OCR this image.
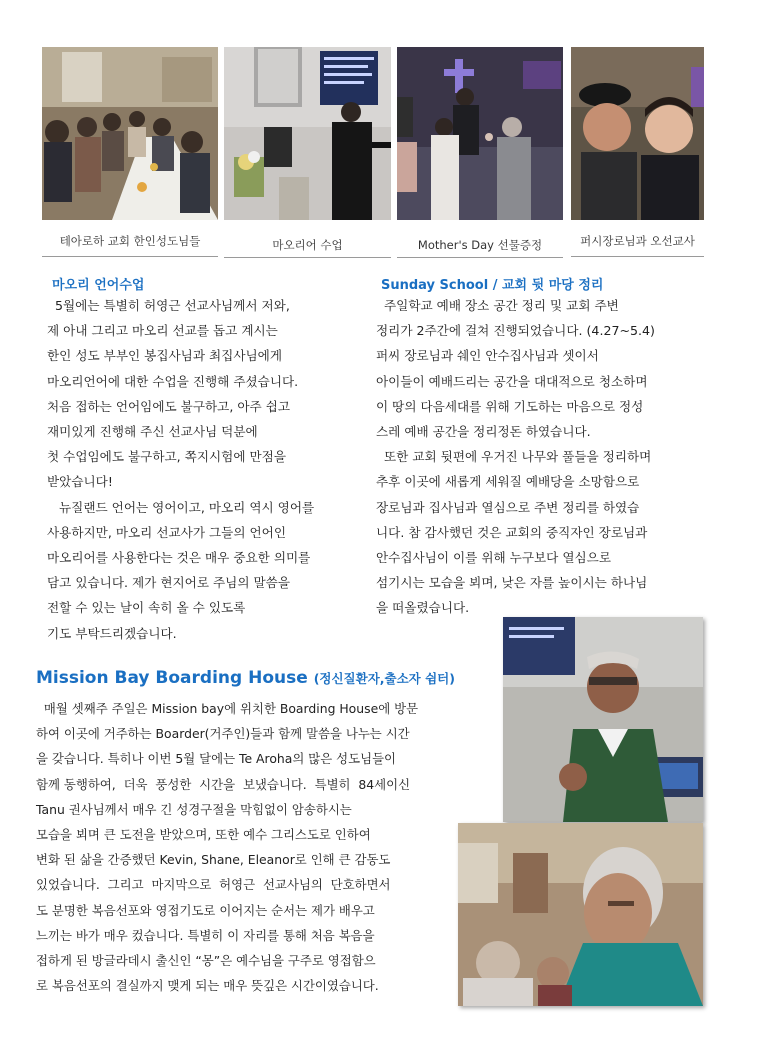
테아로하 교회 한인성도님들	마오리어 수업	Mother's Day 선물증정	퍼시장로님과 오선교사
마오리 언어수업
5월에는 특별히 허영근 선교사님께서 저와,
제 아내 그리고 마오리 선교를 돕고 계시는
한인 성도 부부인 봉집사님과 최집사님에게
마오리언어에 대한 수업을 진행해 주셨습니다.
처음 접하는 언어임에도 불구하고, 아주 쉽고
재미있게 진행해 주신 선교사님 덕분에
첫 수업임에도 불구하고, 쪽지시험에 만점을
받았습니다!
뉴질랜드 언어는 영어이고, 마오리 역시 영어를
사용하지만, 마오리 선교사가 그들의 언어인
마오리어를 사용한다는 것은 매우 중요한 의미를
담고 있습니다. 제가 현지어로 주님의 말씀을
전할 수 있는 날이 속히 올 수 있도록
기도 부탁드리겠습니다.
Sunday School / 교회 뒷 마당 정리
주일학교 예배 장소 공간 정리 및 교회 주변
정리가 2주간에 걸쳐 진행되었습니다. (4.27~5.4)
퍼씨 장로님과 쉐인 안수집사님과 셋이서
아이들이 예배드리는 공간을 대대적으로 청소하며
이 땅의 다음세대를 위해 기도하는 마음으로 정성
스레 예배 공간을 정리정돈 하였습니다.
또한 교회 뒷편에 우거진 나무와 풀들을 정리하며
추후 이곳에 새롭게 세워질 예배당을 소망함으로
장로님과 집사님과 열심으로 주변 정리를 하였습
니다. 참 감사했던 것은 교회의 중직자인 장로님과
안수집사님이 이를 위해 누구보다 열심으로
섬기시는 모습을 뵈며, 낮은 자를 높이시는 하나님
을 떠올렸습니다.
Mission Bay Boarding House (정신질환자,출소자 쉼터)
매월 셋째주 주일은 Mission bay에 위치한 Boarding House에 방문
하여 이곳에 거주하는 Boarder(거주인)들과 함께 말씀을 나누는 시간
을 갖습니다. 특히나 이번 5월 달에는 Te Aroha의 많은 성도님들이
함께 동행하여,  더욱  풍성한  시간을  보냈습니다.  특별히  84세이신
Tanu 권사님께서 매우 긴 성경구절을 막힘없이 암송하시는
모습을 뵈며 큰 도전을 받았으며, 또한 예수 그리스도로 인하여
변화 된 삶을 간증했던 Kevin, Shane, Eleanor로 인해 큰 감동도
있었습니다.  그리고  마지막으로  허영근  선교사님의  단호하면서
도 분명한 복음선포와 영접기도로 이어지는 순서는 제가 배우고
느끼는 바가 매우 컸습니다. 특별히 이 자리를 통해 처음 복음을
접하게 된 방글라데시 출신인 “몽”은 예수님을 구주로 영접함으
로 복음선포의 결실까지 맺게 되는 매우 뜻깊은 시간이였습니다.
